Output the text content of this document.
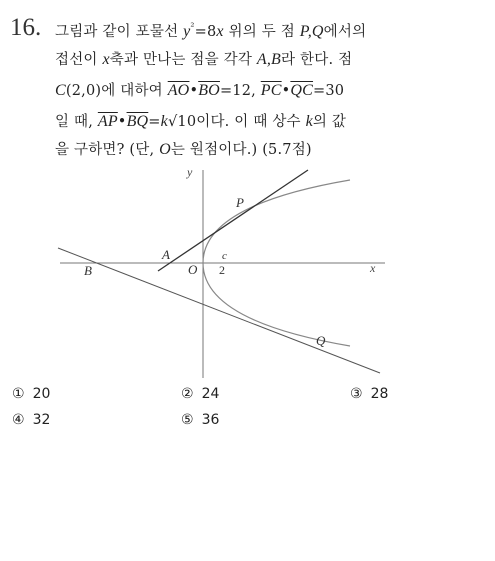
16. 그림과 같이 포물선 $y^{^2}=8x$ 위의 두 점 P,Q에서의
접선이 x축과 만나는 점을 각각 A,B라 한다. 점
C(2,0)에 대하여 $\overline{AO}•\overline{BO}=12$, $\overline{PC}•\overline{QC}=30$
일 때, $\overline{AP}•\overline{BQ}=k√10$이다. 이 때 상수 k의 값
을 구하면? (단, O는 원점이다.) (5.7점)
y
x
P
Q
A
B	O
c
2
① 20	② 24	③ 28
④ 32	⑤ 36
